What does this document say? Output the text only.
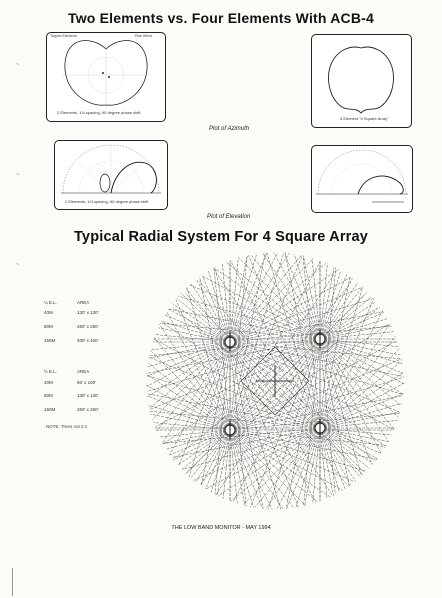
Two Elements vs. Four Elements With ACB-4
Tapped Elements	Plan Wired
2 Elements, 1/4 spacing, 90 degree phase shift
4 Element "4 Square Array"
Plot of Azimuth
2 Elements, 1/4 spacing, 90 degree phase shift
Plot of Elevation
Typical Radial System For 4 Square Array
¼ E.L.	AREA
40M	130' x 130'
80M	260' x 260'
160M	400' x 400'
½ E.L.	AREA
40M	66' x 100'
80M	130' x 130'
160M	260' x 260'
NOTE: Trees not 2:1
THE LOW BAND MONITOR - MAY 1994
~
~
~
